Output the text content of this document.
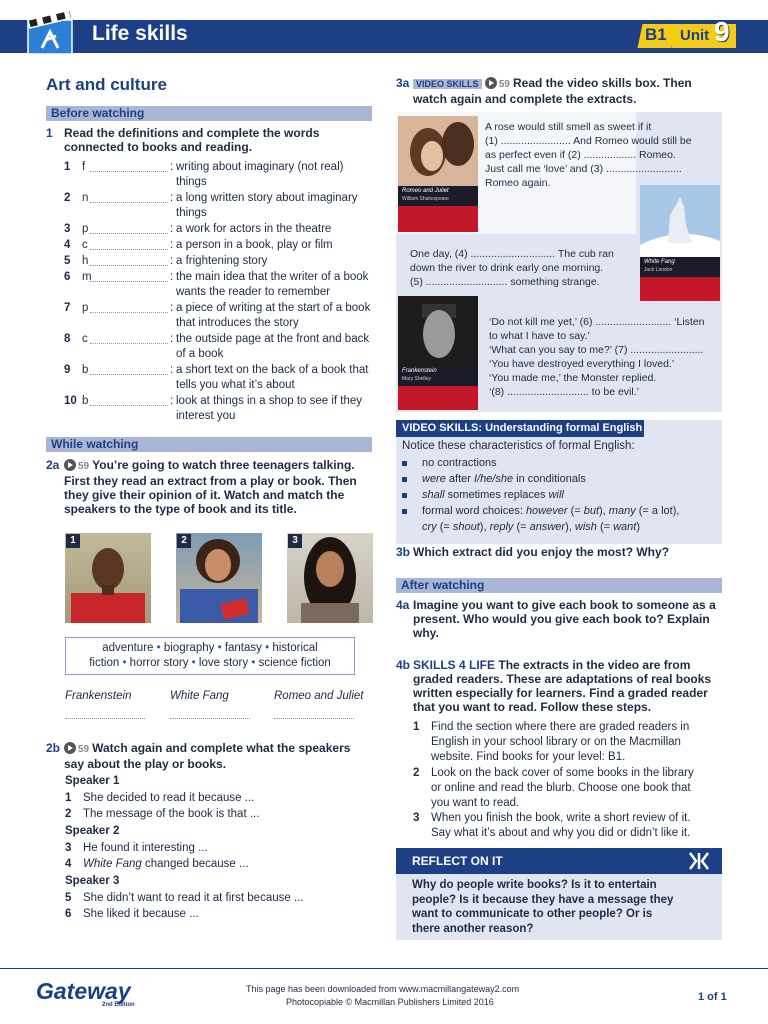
Life skills	B1 Unit 9
Art and culture
Before watching
1 Read the definitions and complete the words connected to books and reading.
1 f	: writing about imaginary (not real) things
2 n	: a long written story about imaginary things
3 p	: a work for actors in the theatre
4 c	: a person in a book, play or film
5 h	: a frightening story
6 m	: the main idea that the writer of a book wants the reader to remember
7 p	: a piece of writing at the start of a book that introduces the story
8 c	: the outside page at the front and back of a book
9 b	: a short text on the back of a book that tells you what it’s about
10 b	: look at things in a shop to see if they interest you
While watching
2a	59 You’re going to watch three teenagers talking. First they read an extract from a play or book. Then they give their opinion of it. Watch and match the speakers to the type of book and its title.
1	2	3
adventure • biography • fantasy • historical
fiction • horror story • love story • science fiction
Frankenstein	White Fang	Romeo and Juliet
2b	59 Watch again and complete what the speakers say about the play or books.
Speaker 1
1 She decided to read it because ...
2 The message of the book is that ...
Speaker 2
3 He found it interesting ...
4 White Fang changed because ...
Speaker 3
5 She didn’t want to read it at first because ...
6 She liked it because ...
3a VIDEO SKILLS 59 Read the video skills box. Then watch again and complete the extracts.
Romeo and Juliet
William Shakespeare
White Fang
Jack London
Frankenstein
Mary Shelley
A rose would still smell as sweet if it
(1) ........................ And Romeo would still be
as perfect even if (2) .................. Romeo.
Just call me ‘love’ and (3) ..........................
Romeo again.
One day, (4) ............................. The cub ran
down the river to drink early one morning.
(5) ............................ something strange.
‘Do not kill me yet,’ (6) .......................... ‘Listen
to what I have to say.’
‘What can you say to me?’ (7) .........................
‘You have destroyed everything I loved.’
‘You made me,’ the Monster replied.
‘(8) ............................ to be evil.’
VIDEO SKILLS: Understanding formal English
Notice these characteristics of formal English:
no contractions
were after I/he/she in conditionals
shall sometimes replaces will
formal word choices: however (= but), many (= a lot),
cry (= shout), reply (= answer), wish (= want)
3b Which extract did you enjoy the most? Why?
After watching
4a Imagine you want to give each book to someone as a present. Who would you give each book to? Explain why.
4b SKILLS 4 LIFE The extracts in the video are from graded readers. These are adaptations of real books written especially for learners. Find a graded reader that you want to read. Follow these steps.
1 Find the section where there are graded readers in
English in your school library or on the Macmillan
website. Find books for your level: B1.
2 Look on the back cover of some books in the library
or online and read the blurb. Choose one book that
you want to read.
3 When you finish the book, write a short review of it.
Say what it’s about and why you did or didn’t like it.
REFLECT ON IT
Why do people write books? Is it to entertain
people? Is it because they have a message they
want to communicate to other people? Or is
there another reason?
Gateway
2nd Edition
This page has been downloaded from www.macmillangateway2.com
Photocopiable © Macmillan Publishers Limited 2016	1 of 1
